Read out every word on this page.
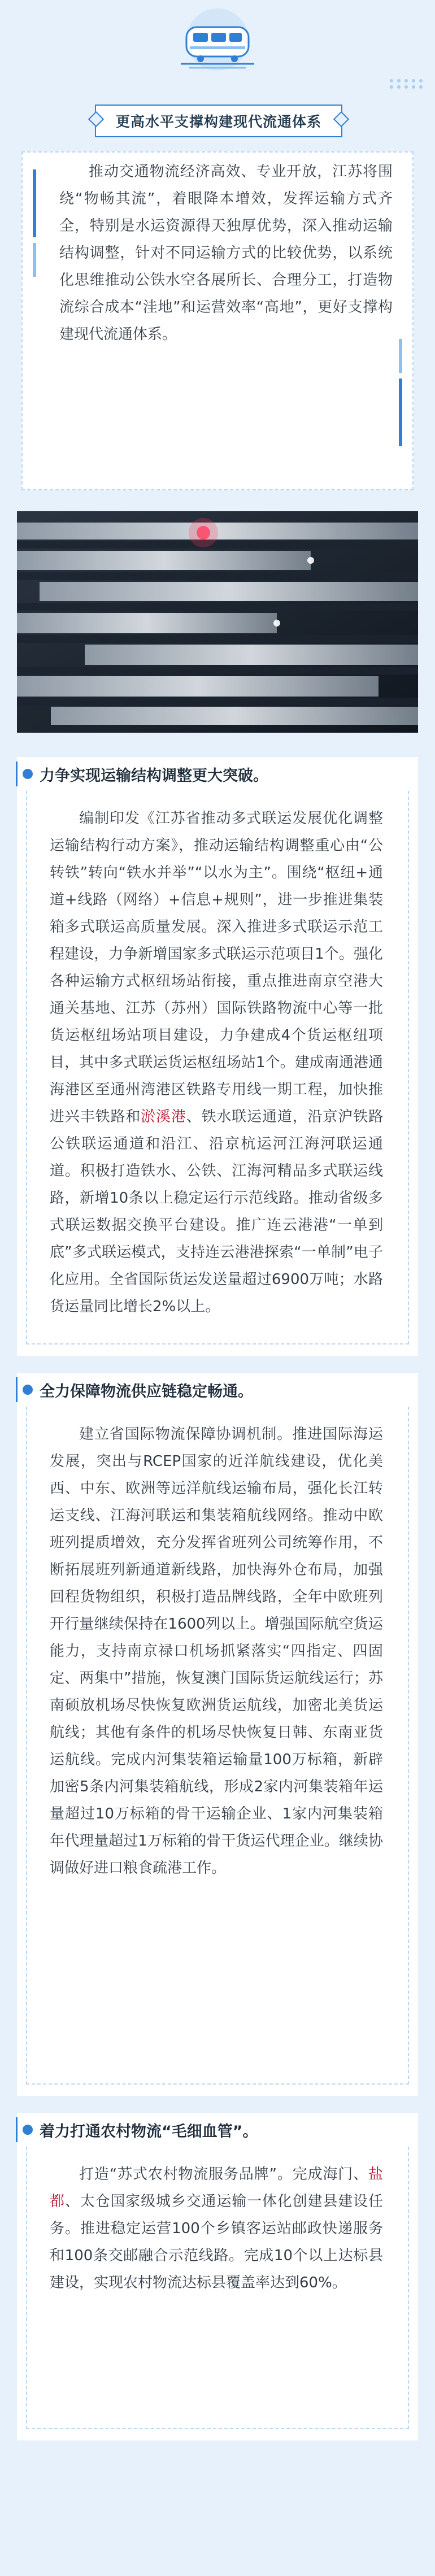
更高水平支撑构建现代流通体系

推动交通物流经济高效、专业开放，江苏将围绕“物畅其流”，着眼降本增效，发挥运输方式齐全，特别是水运资源得天独厚优势，深入推动运输结构调整，针对不同运输方式的比较优势，以系统化思维推动公铁水空各展所长、合理分工，打造物流综合成本“洼地”和运营效率“高地”，更好支撑构建现代流通体系。

力争实现运输结构调整更大突破。

编制印发《江苏省推动多式联运发展优化调整运输结构行动方案》，推动运输结构调整重心由“公转铁”转向“铁水并举”“以水为主”。围绕“枢纽+通道+线路（网络）+信息+规则”，进一步推进集装箱多式联运高质量发展。深入推进多式联运示范工程建设，力争新增国家多式联运示范项目1个。强化各种运输方式枢纽场站衔接，重点推进南京空港大通关基地、江苏（苏州）国际铁路物流中心等一批货运枢纽场站项目建设，力争建成4个货运枢纽项目，其中多式联运货运枢纽场站1个。建成南通港通海港区至通州湾港区铁路专用线一期工程，加快推进兴丰铁路和淤溪港、铁水联运通道，沿京沪铁路公铁联运通道和沿江、沿京杭运河江海河联运通道。积极打造铁水、公铁、江海河精品多式联运线路，新增10条以上稳定运行示范线路。推动省级多式联运数据交换平台建设。推广连云港港“一单到底”多式联运模式，支持连云港港探索“一单制”电子化应用。全省国际货运发送量超过6900万吨；水路货运量同比增长2%以上。

全力保障物流供应链稳定畅通。

建立省国际物流保障协调机制。推进国际海运发展，突出与RCEP国家的近洋航线建设，优化美西、中东、欧洲等远洋航线运输布局，强化长江转运支线、江海河联运和集装箱航线网络。推动中欧班列提质增效，充分发挥省班列公司统筹作用，不断拓展班列新通道新线路，加快海外仓布局，加强回程货物组织，积极打造品牌线路，全年中欧班列开行量继续保持在1600列以上。增强国际航空货运能力，支持南京禄口机场抓紧落实“四指定、四固定、两集中”措施，恢复澳门国际货运航线运行；苏南硕放机场尽快恢复欧洲货运航线，加密北美货运航线；其他有条件的机场尽快恢复日韩、东南亚货运航线。完成内河集装箱运输量100万标箱，新辟加密5条内河集装箱航线，形成2家内河集装箱年运量超过10万标箱的骨干运输企业、1家内河集装箱年代理量超过1万标箱的骨干货运代理企业。继续协调做好进口粮食疏港工作。

着力打通农村物流“毛细血管”。

打造“苏式农村物流服务品牌”。完成海门、盐都、太仓国家级城乡交通运输一体化创建县建设任务。推进稳定运营100个乡镇客运站邮政快递服务和100条交邮融合示范线路。完成10个以上达标县建设，实现农村物流达标县覆盖率达到60%。
